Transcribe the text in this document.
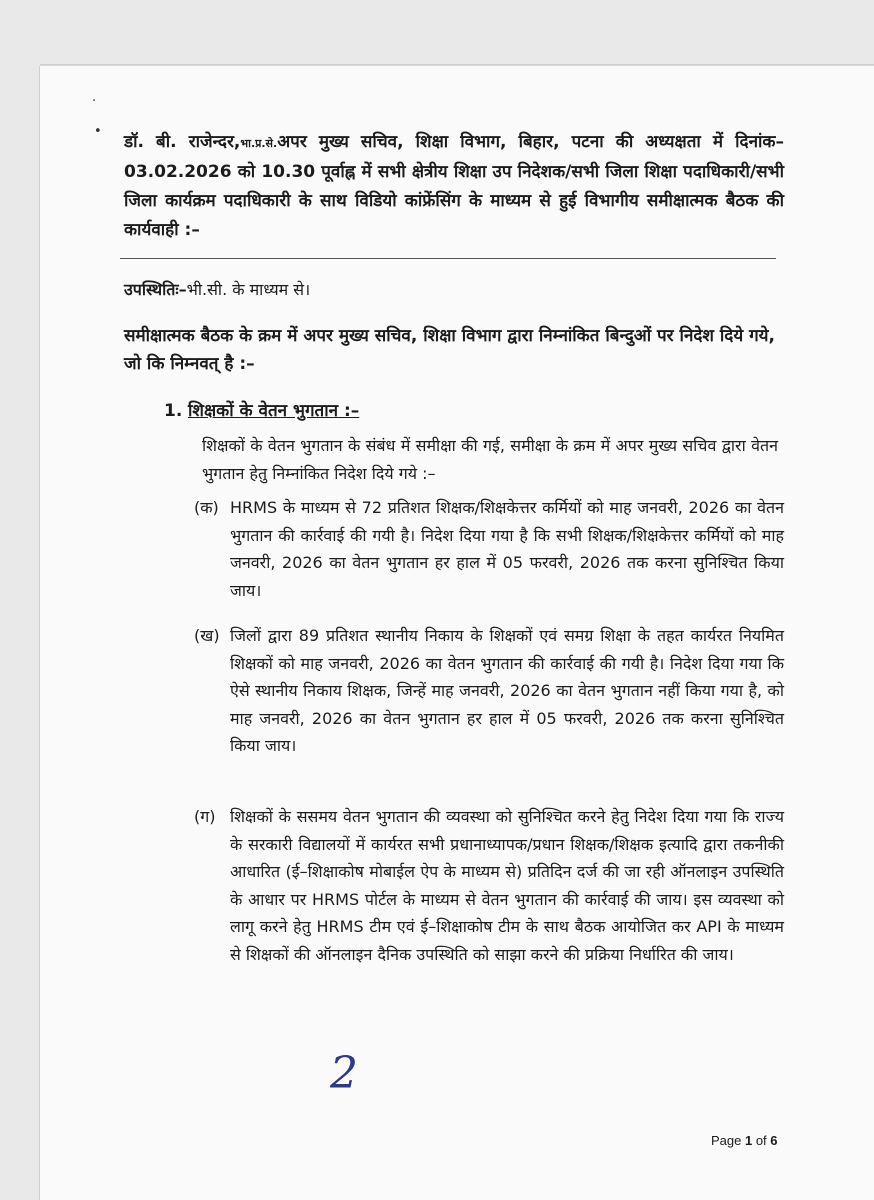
.
•
डॉ. बी. राजेन्दर,भा.प्र.से.अपर मुख्य सचिव, शिक्षा विभाग, बिहार, पटना की अध्यक्षता में दिनांक–03.02.2026 को 10.30 पूर्वाह्न में सभी क्षेत्रीय शिक्षा उप निदेशक/सभी जिला शिक्षा पदाधिकारी/सभी जिला कार्यक्रम पदाधिकारी के साथ विडियो कांफ्रेंसिंग के माध्यम से हुई विभागीय समीक्षात्मक बैठक की कार्यवाही :–
उपस्थितिः–भी.सी. के माध्यम से।
समीक्षात्मक बैठक के क्रम में अपर मुख्य सचिव, शिक्षा विभाग द्वारा निम्नांकित बिन्दुओं पर निदेश दिये गये, जो कि निम्नवत् है :–
1. शिक्षकों के वेतन भुगतान :–
शिक्षकों के वेतन भुगतान के संबंध में समीक्षा की गई, समीक्षा के क्रम में अपर मुख्य सचिव द्वारा वेतन भुगतान हेतु निम्नांकित निदेश दिये गये :–
(क) HRMS के माध्यम से 72 प्रतिशत शिक्षक/शिक्षकेत्तर कर्मियों को माह जनवरी, 2026 का वेतन भुगतान की कार्रवाई की गयी है। निदेश दिया गया है कि सभी शिक्षक/शिक्षकेत्तर कर्मियों को माह जनवरी, 2026 का वेतन भुगतान हर हाल में 05 फरवरी, 2026 तक करना सुनिश्चित किया जाय।
(ख) जिलों द्वारा 89 प्रतिशत स्थानीय निकाय के शिक्षकों एवं समग्र शिक्षा के तहत कार्यरत नियमित शिक्षकों को माह जनवरी, 2026 का वेतन भुगतान की कार्रवाई की गयी है। निदेश दिया गया कि ऐसे स्थानीय निकाय शिक्षक, जिन्हें माह जनवरी, 2026 का वेतन भुगतान नहीं किया गया है, को माह जनवरी, 2026 का वेतन भुगतान हर हाल में 05 फरवरी, 2026 तक करना सुनिश्चित किया जाय।
(ग) शिक्षकों के ससमय वेतन भुगतान की व्यवस्था को सुनिश्चित करने हेतु निदेश दिया गया कि राज्य के सरकारी विद्यालयों में कार्यरत सभी प्रधानाध्यापक/प्रधान शिक्षक/शिक्षक इत्यादि द्वारा तकनीकी आधारित (ई–शिक्षाकोष मोबाईल ऐप के माध्यम से) प्रतिदिन दर्ज की जा रही ऑनलाइन उपस्थिति के आधार पर HRMS पोर्टल के माध्यम से वेतन भुगतान की कार्रवाई की जाय। इस व्यवस्था को लागू करने हेतु HRMS टीम एवं ई–शिक्षाकोष टीम के साथ बैठक आयोजित कर API के माध्यम से शिक्षकों की ऑनलाइन दैनिक उपस्थिति को साझा करने की प्रक्रिया निर्धारित की जाय।
2
Page 1 of 6
